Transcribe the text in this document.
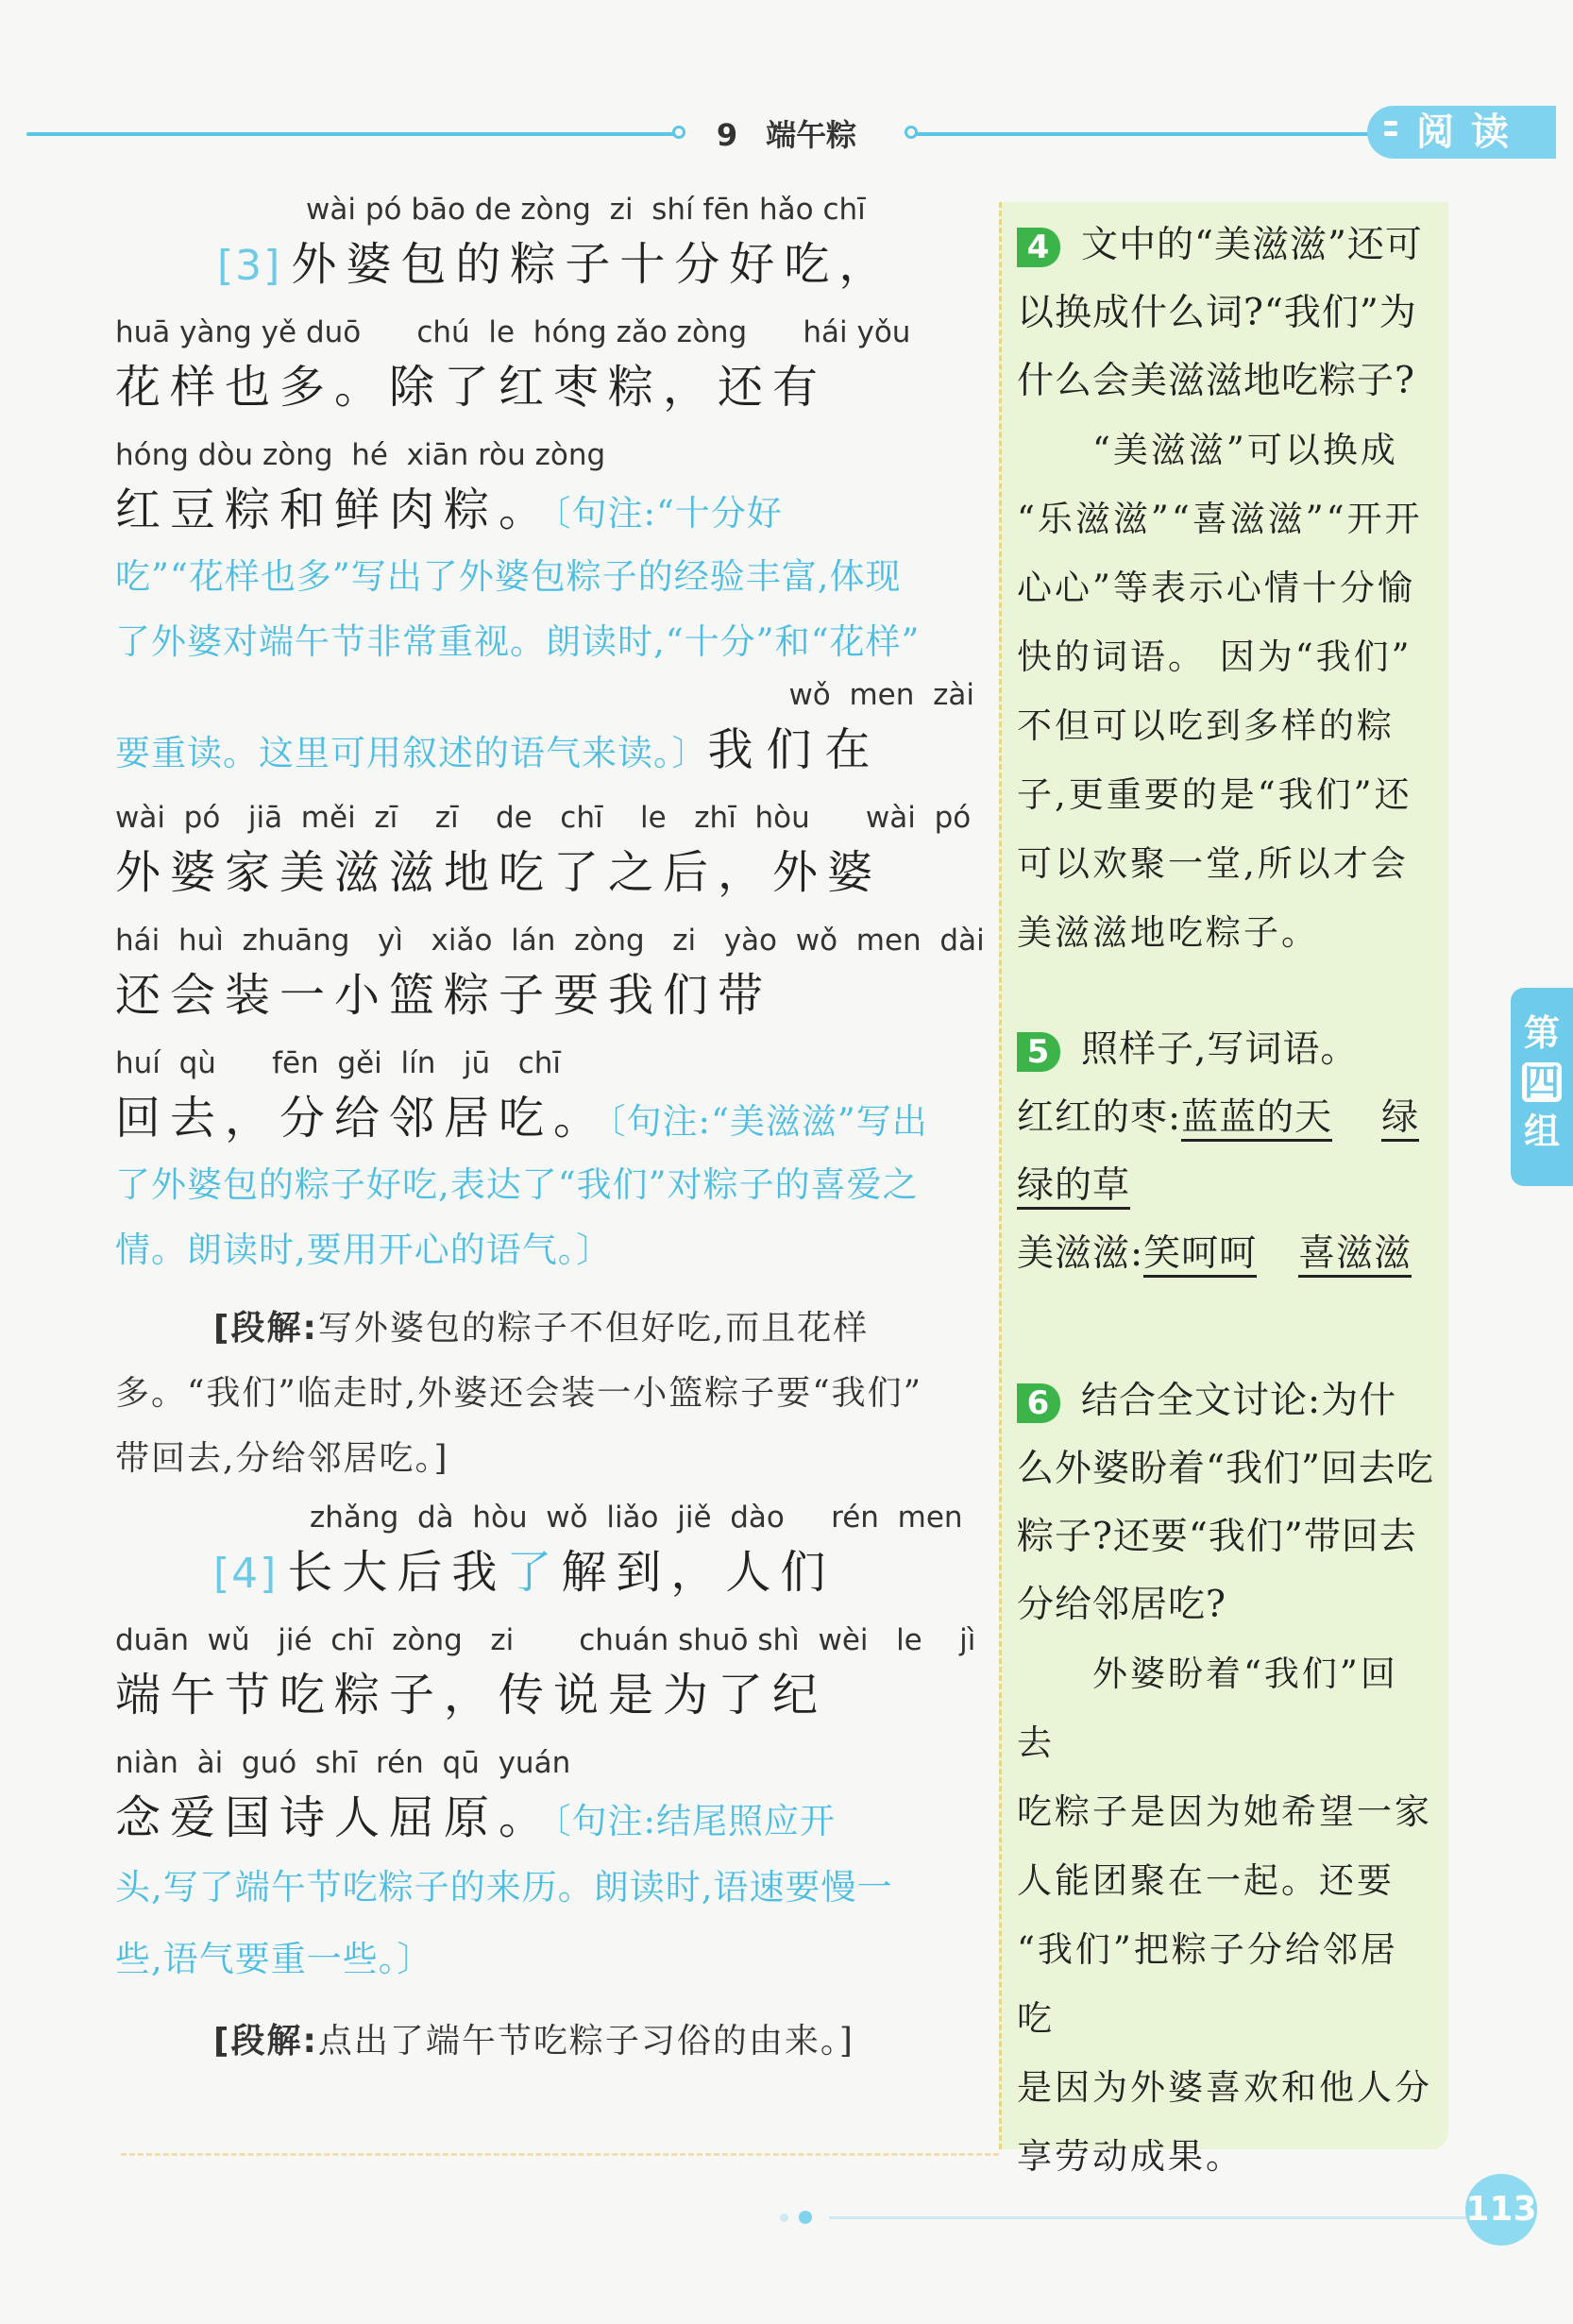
9 端午粽	阅读
wài pó bāo de zòng  zi  shí fēn hǎo chī
[3] 外婆包的粽子十分好吃，
huā yàng yě duō      chú  le  hóng zǎo zòng      hái yǒu
花样也多。除了红枣粽，还有
hóng dòu zòng  hé  xiān ròu zòng
红豆粽和鲜肉粽。〔句注:“十分好
吃”“花样也多”写出了外婆包粽子的经验丰富,体现
了外婆对端午节非常重视。朗读时,“十分”和“花样”
wǒ  men  zài
要重读。这里可用叙述的语气来读。〕我们在
wài  pó   jiā  měi  zī    zī    de   chī    le   zhī  hòu      wài  pó
外婆家美滋滋地吃了之后，外婆
hái  huì  zhuāng   yì   xiǎo  lán  zòng   zi   yào  wǒ  men  dài
还会装一小篮粽子要我们带
huí  qù      fēn  gěi  lín   jū   chī
回去，分给邻居吃。〔句注:“美滋滋”写出
了外婆包的粽子好吃,表达了“我们”对粽子的喜爱之
情。朗读时,要用开心的语气。〕
[段解:写外婆包的粽子不但好吃,而且花样
多。“我们”临走时,外婆还会装一小篮粽子要“我们”
带回去,分给邻居吃。]
zhǎng  dà  hòu  wǒ  liǎo  jiě  dào     rén  men
[4] 长大后我了解到，人们
duān  wǔ   jié  chī  zòng   zi       chuán shuō shì  wèi   le    jì
端午节吃粽子，传说是为了纪
niàn  ài  guó  shī  rén  qū  yuán
念爱国诗人屈原。〔句注:结尾照应开
头,写了端午节吃粽子的来历。朗读时,语速要慢一
些,语气要重一些。〕
[段解:点出了端午节吃粽子习俗的由来。]
4 文中的“美滋滋”还可
以换成什么词?“我们”为
什么会美滋滋地吃粽子?
“美滋滋”可以换成
“乐滋滋”“喜滋滋”“开开
心心”等表示心情十分愉
快的词语。 因为“我们”
不但可以吃到多样的粽
子,更重要的是“我们”还
可以欢聚一堂,所以才会
美滋滋地吃粽子。
5 照样子,写词语。
红红的枣:蓝蓝的天 绿
绿的草
美滋滋:笑呵呵 喜滋滋
6 结合全文讨论:为什
么外婆盼着“我们”回去吃
粽子?还要“我们”带回去
分给邻居吃?
外婆盼着“我们”回去
吃粽子是因为她希望一家
人能团聚在一起。还要
“我们”把粽子分给邻居吃
是因为外婆喜欢和他人分
享劳动成果。
第
四
组
113
